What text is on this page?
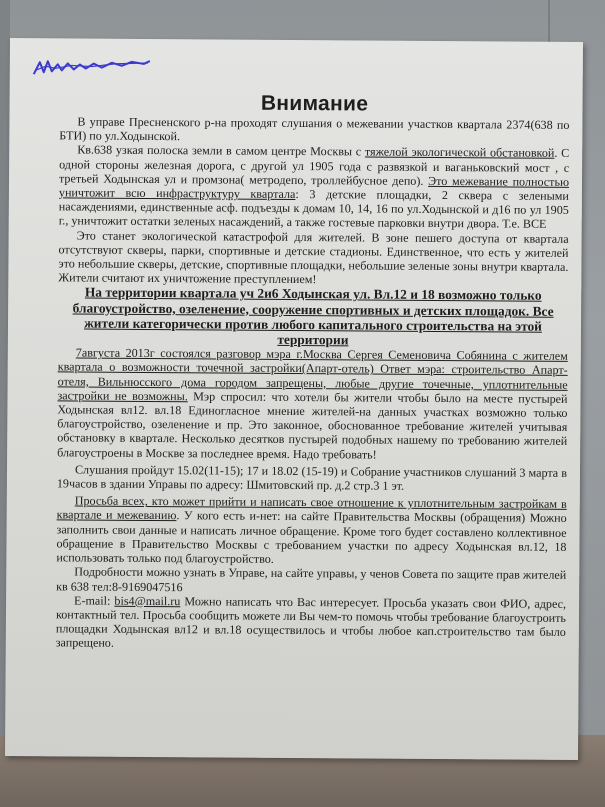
Внимание

В управе Пресненского р-на проходят слушания о межевании участков квартала 2374(638 по БТИ) по ул.Ходынской.

Кв.638 узкая полоска земли в самом центре Москвы с тяжелой экологической обстановкой. С одной стороны железная дорога, с другой ул 1905 года с развязкой и ваганьковский мост , с третьей Ходынская ул и промзона( метродепо, троллейбусное депо). Это межевание полностью уничтожит всю инфраструктуру квартала: 3 детские площадки, 2 сквера с зелеными насаждениями, единственные асф. подъезды к домам 10, 14, 16 по ул.Ходынской и д16 по ул 1905 г., уничтожит остатки зеленых насаждений, а также гостевые парковки внутри двора. Т.е. ВСЕ

Это станет экологической катастрофой для жителей. В зоне пешего доступа от квартала отсутствуют скверы, парки, спортивные и детские стадионы. Единственное, что есть у жителей это небольшие скверы, детские, спортивные площадки, небольшие зеленые зоны внутри квартала. Жители считают их уничтожение преступлением!

На территории квартала уч 2и6 Ходынская ул. Вл.12 и 18 возможно только благоустройство, озеленение, сооружение спортивных и детских площадок. Все жители категорически против любого капитального строительства на этой территории

7августа 2013г состоялся разговор мэра г.Москва Сергея Семеновича Собянина с жителем квартала о возможности точечной застройки(Апарт-отель) Ответ мэра: строительство Апарт-отеля, Вильнюсского дома городом запрещены, любые другие точечные, уплотнительные застройки не возможны. Мэр спросил: что хотели бы жители чтобы было на месте пустырей Ходынская вл12. вл.18 Единогласное мнение жителей-на данных участках возможно только благоустройство, озеленение и пр. Это законное, обоснованное требование жителей учитывая обстановку в квартале. Несколько десятков пустырей подобных нашему по требованию жителей благоустроены в Москве за последнее время. Надо требовать!

Слушания пройдут 15.02(11-15); 17 и 18.02 (15-19) и Собрание участников слушаний 3 марта в 19часов в здании Управы по адресу: Шмитовский пр. д.2 стр.3 1 эт.

Просьба всех, кто может прийти и написать свое отношение к уплотнительным застройкам в квартале и межеванию. У кого есть и-нет: на сайте Правительства Москвы (обращения) Можно заполнить свои данные и написать личное обращение. Кроме того будет составлено коллективное обращение в Правительство Москвы с требованием участки по адресу Ходынская вл.12, 18 использовать только под благоустройство.

Подробности можно узнать в Управе, на сайте управы, у ченов Совета по защите прав жителей кв 638 тел:8-9169047516

E-mail: bis4@mail.ru Можно написать что Вас интересует. Просьба указать свои ФИО, адрес, контактный тел. Просьба сообщить можете ли Вы чем-то помочь чтобы требование благоустроить площадки Ходынская вл12 и вл.18 осуществилось и чтобы любое кап.строительство там было запрещено.
